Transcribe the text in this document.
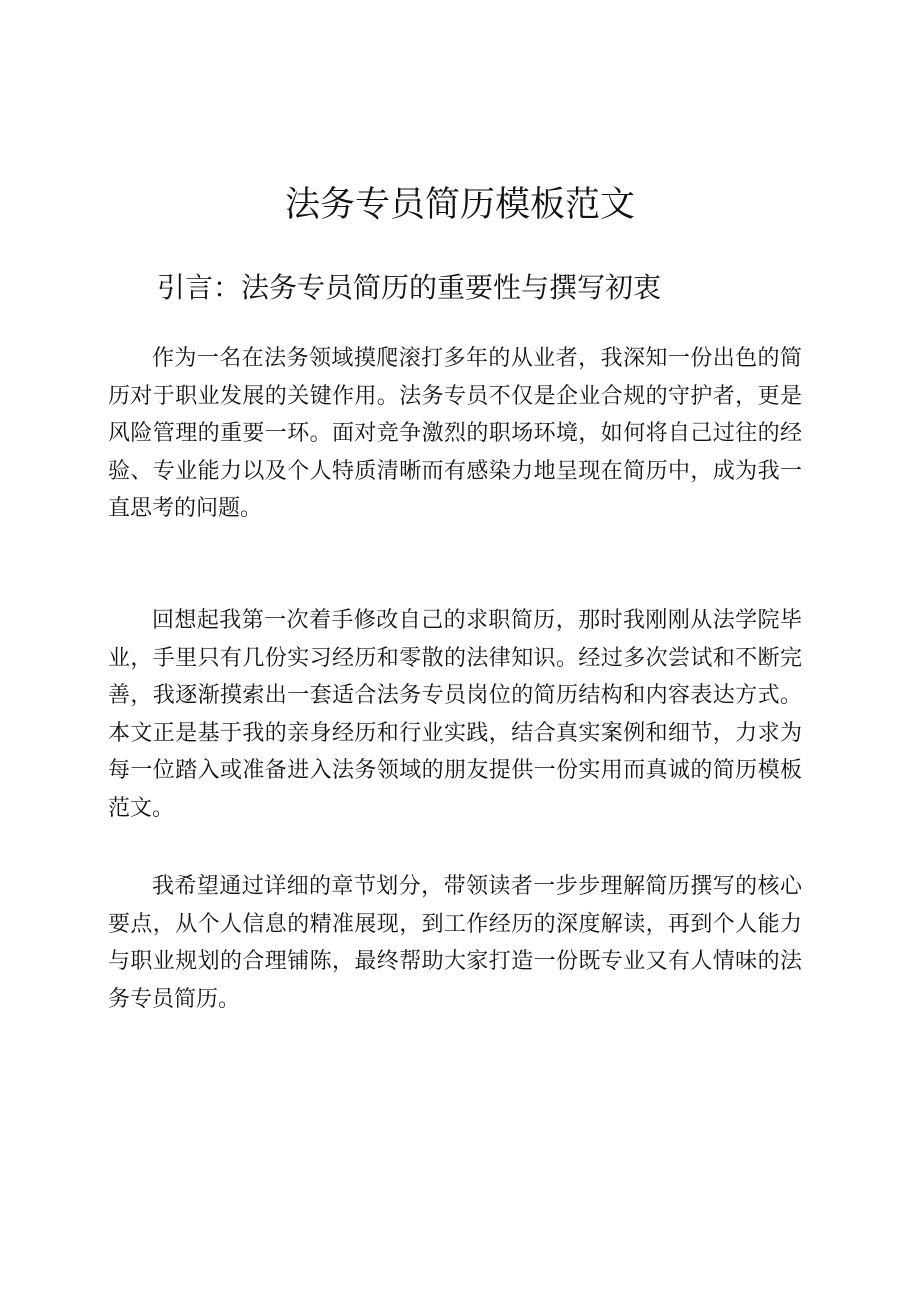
法务专员简历模板范文
引言：法务专员简历的重要性与撰写初衷

作为一名在法务领域摸爬滚打多年的从业者，我深知一份出色的简历对于职业发展的关键作用。法务专员不仅是企业合规的守护者，更是风险管理的重要一环。面对竞争激烈的职场环境，如何将自己过往的经验、专业能力以及个人特质清晰而有感染力地呈现在简历中，成为我一直思考的问题。

回想起我第一次着手修改自己的求职简历，那时我刚刚从法学院毕业，手里只有几份实习经历和零散的法律知识。经过多次尝试和不断完善，我逐渐摸索出一套适合法务专员岗位的简历结构和内容表达方式。本文正是基于我的亲身经历和行业实践，结合真实案例和细节，力求为每一位踏入或准备进入法务领域的朋友提供一份实用而真诚的简历模板范文。

我希望通过详细的章节划分，带领读者一步步理解简历撰写的核心要点，从个人信息的精准展现，到工作经历的深度解读，再到个人能力与职业规划的合理铺陈，最终帮助大家打造一份既专业又有人情味的法务专员简历。
